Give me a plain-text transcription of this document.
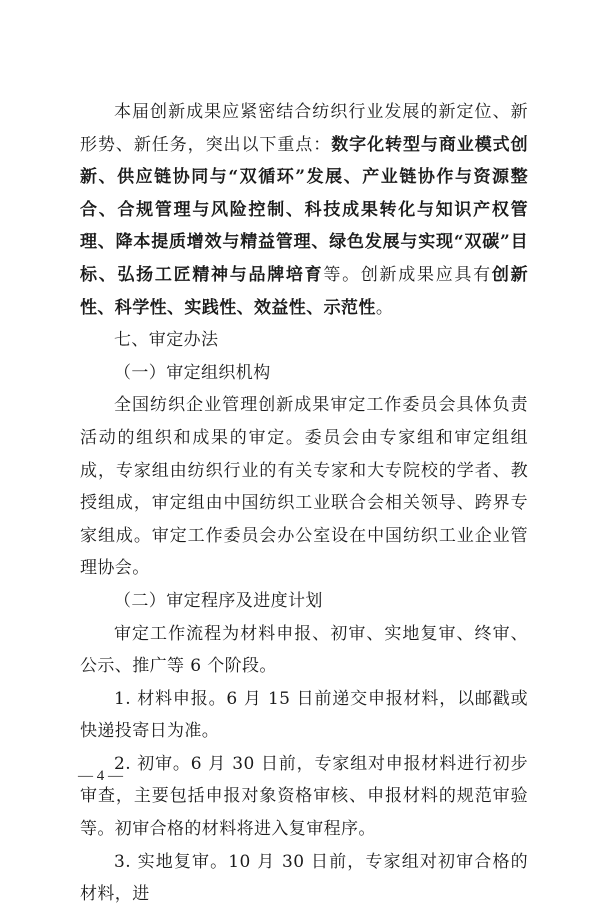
本届创新成果应紧密结合纺织行业发展的新定位、新形势、新任务，突出以下重点：数字化转型与商业模式创新、供应链协同与“双循环”发展、产业链协作与资源整合、合规管理与风险控制、科技成果转化与知识产权管理、降本提质增效与精益管理、绿色发展与实现“双碳”目标、弘扬工匠精神与品牌培育等。创新成果应具有创新性、科学性、实践性、效益性、示范性。

七、审定办法

（一）审定组织机构

全国纺织企业管理创新成果审定工作委员会具体负责活动的组织和成果的审定。委员会由专家组和审定组组成，专家组由纺织行业的有关专家和大专院校的学者、教授组成，审定组由中国纺织工业联合会相关领导、跨界专家组成。审定工作委员会办公室设在中国纺织工业企业管理协会。

（二）审定程序及进度计划

审定工作流程为材料申报、初审、实地复审、终审、公示、推广等 6 个阶段。

1. 材料申报。6 月 15 日前递交申报材料，以邮戳或快递投寄日为准。

2. 初审。6 月 30 日前，专家组对申报材料进行初步审查，主要包括申报对象资格审核、申报材料的规范审验等。初审合格的材料将进入复审程序。

3. 实地复审。10 月 30 日前，专家组对初审合格的材料，进

— 4 —
